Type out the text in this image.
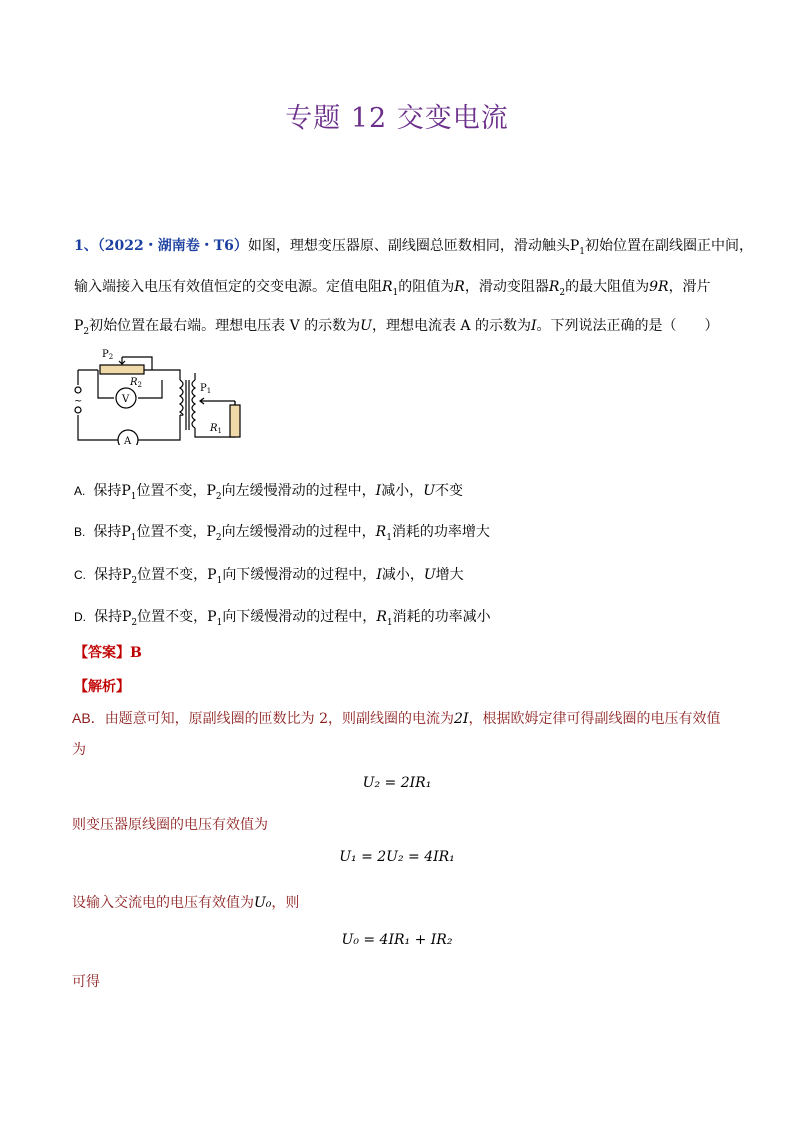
专题 12 交变电流
1、（2022・湖南卷・T6）如图，理想变压器原、副线圈总匝数相同，滑动触头$P_1$初始位置在副线圈正中间，
输入端接入电压有效值恒定的交变电源。定值电阻$R_1$的阻值为R，滑动变阻器$R_2$的最大阻值为9R，滑片
$P_2$初始位置在最右端。理想电压表 V 的示数为U，理想电流表 A 的示数为I。下列说法正确的是（　　）
$P_2$
$R_2$
V
A
~
$P_1$
$R_1$
A. 保持$P_1$位置不变，$P_2$向左缓慢滑动的过程中，I减小，U不变
B. 保持$P_1$位置不变，$P_2$向左缓慢滑动的过程中，$R_1$消耗的功率增大
C. 保持$P_2$位置不变，$P_1$向下缓慢滑动的过程中，I减小，U增大
D. 保持$P_2$位置不变，$P_1$向下缓慢滑动的过程中，$R_1$消耗的功率减小
【答案】B
【解析】
AB．由题意可知，原副线圈的匝数比为 2，则副线圈的电流为2I，根据欧姆定律可得副线圈的电压有效值
为
U₂ = 2IR₁
则变压器原线圈的电压有效值为
U₁ = 2U₂ = 4IR₁
设输入交流电的电压有效值为U₀，则
U₀ = 4IR₁ + IR₂
可得
